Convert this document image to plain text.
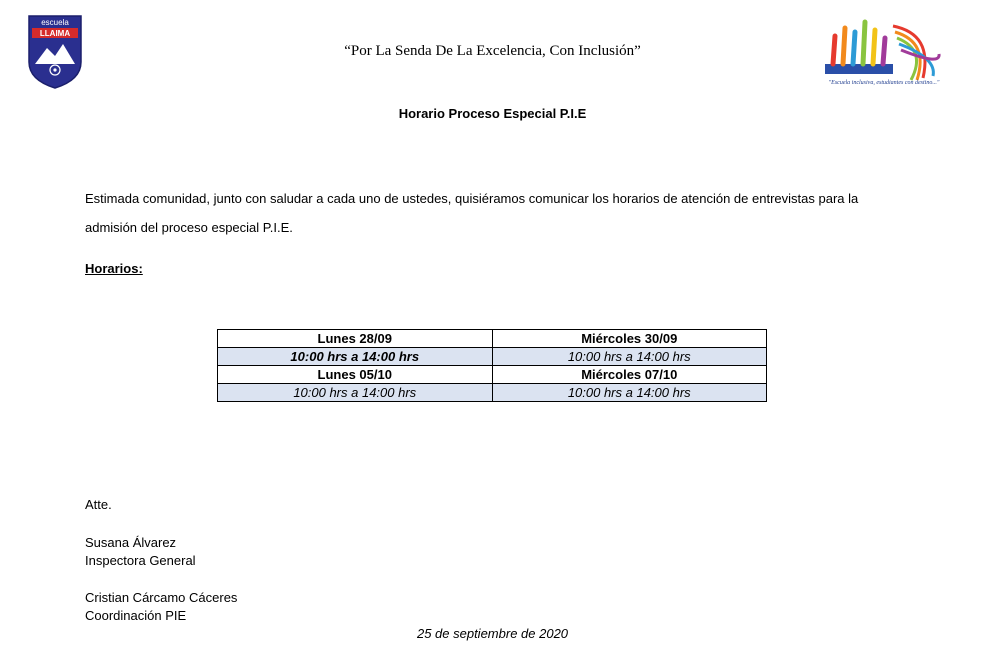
escuela
LLAIMA
“Por La Senda De La Excelencia, Con Inclusión”
"Escuela inclusiva, estudiantes con destino..."
Horario Proceso Especial P.I.E
Estimada comunidad, junto con saludar a cada uno de ustedes, quisiéramos comunicar los horarios de atención de entrevistas para la admisión del proceso especial P.I.E.
Horarios:
Lunes 28/09	Miércoles 30/09
10:00 hrs a 14:00 hrs	10:00 hrs a 14:00 hrs
Lunes 05/10	Miércoles 07/10
10:00 hrs a 14:00 hrs	10:00 hrs a 14:00 hrs
Atte.
Susana Álvarez
Inspectora General
Cristian Cárcamo Cáceres
Coordinación PIE
25 de septiembre de 2020
